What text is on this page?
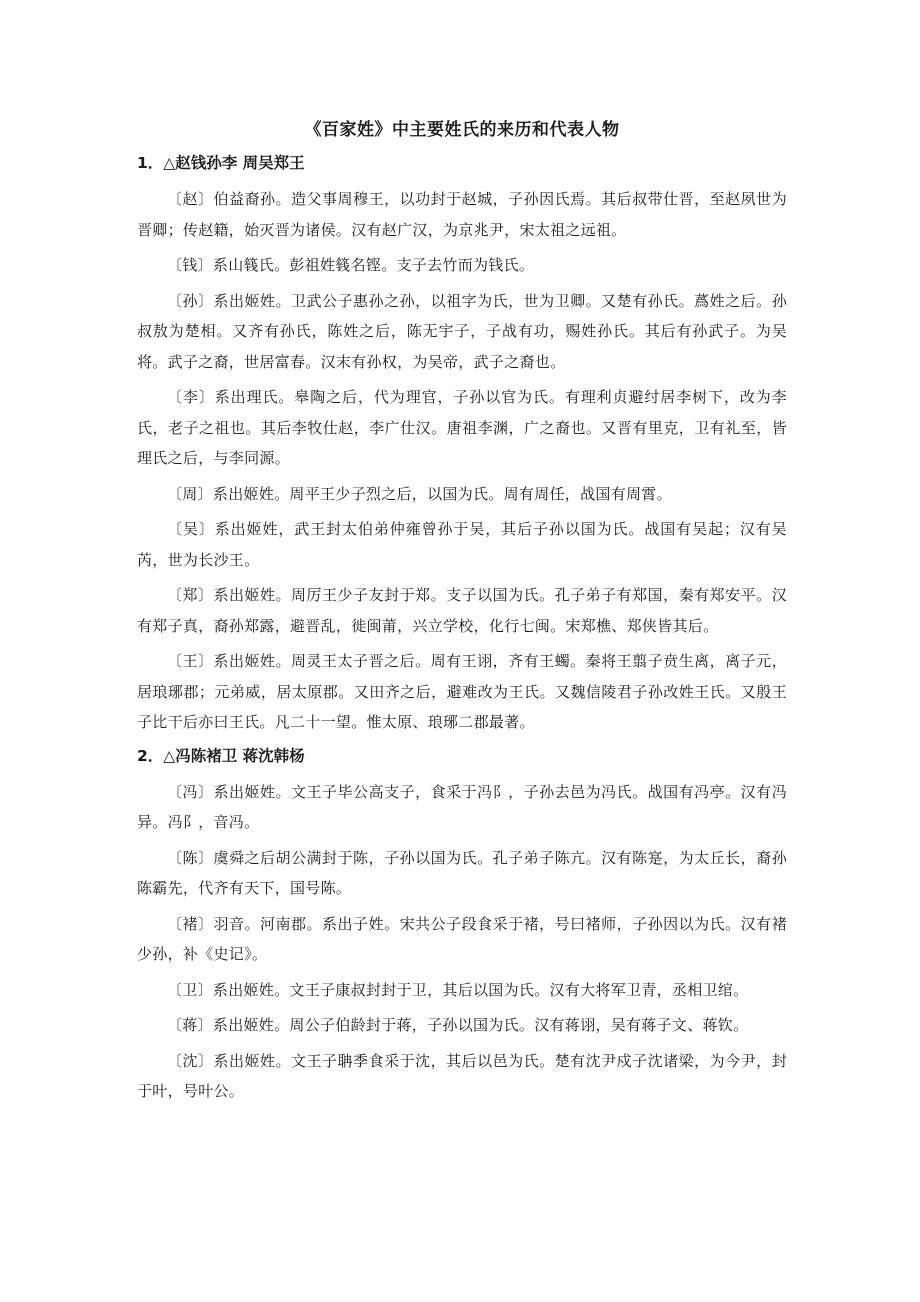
《百家姓》中主要姓氏的来历和代表人物
1．△赵钱孙李 周吴郑王

〔赵〕伯益裔孙。造父事周穆王，以功封于赵城，子孙因氏焉。其后叔带仕晋，至赵夙世为晋卿；传赵籍，始灭晋为诸侯。汉有赵广汉，为京兆尹，宋太祖之远祖。

〔钱〕系山篯氏。彭祖姓篯名铿。支子去竹而为钱氏。

〔孙〕系出姬姓。卫武公子惠孙之孙，以祖字为氏，世为卫卿。又楚有孙氏。蔿姓之后。孙叔敖为楚相。又齐有孙氏，陈姓之后，陈无宇子，子战有功，赐姓孙氏。其后有孙武子。为吴将。武子之裔，世居富春。汉末有孙权，为吴帝，武子之裔也。

〔李〕系出理氏。皋陶之后，代为理官，子孙以官为氏。有理利贞避纣居李树下，改为李氏，老子之祖也。其后李牧仕赵，李广仕汉。唐祖李渊，广之裔也。又晋有里克，卫有礼至，皆理氏之后，与李同源。

〔周〕系出姬姓。周平王少子烈之后，以国为氏。周有周任，战国有周霄。

〔吴〕系出姬姓，武王封太伯弟仲雍曾孙于吴，其后子孙以国为氏。战国有吴起；汉有吴芮，世为长沙王。

〔郑〕系出姬姓。周厉王少子友封于郑。支子以国为氏。孔子弟子有郑国，秦有郑安平。汉有郑子真，裔孙郑露，避晋乱，徙闽莆，兴立学校，化行七闽。宋郑樵、郑侠皆其后。

〔王〕系出姬姓。周灵王太子晋之后。周有王诩，齐有王蠋。秦将王翦子贲生离，离子元，居琅琊郡；元弟威，居太原郡。又田齐之后，避难改为王氏。又魏信陵君子孙改姓王氏。又殷王子比干后亦曰王氏。凡二十一望。惟太原、琅琊二郡最著。

2．△冯陈褚卫 蒋沈韩杨

〔冯〕系出姬姓。文王子毕公高支子，食采于冯阝，子孙去邑为冯氏。战国有冯亭。汉有冯异。冯阝，音冯。

〔陈〕虞舜之后胡公满封于陈，子孙以国为氏。孔子弟子陈亢。汉有陈寔，为太丘长，裔孙陈霸先，代齐有天下，国号陈。

〔褚〕羽音。河南郡。系出子姓。宋共公子段食采于褚，号曰褚师，子孙因以为氏。汉有褚少孙，补《史记》。

〔卫〕系出姬姓。文王子康叔封封于卫，其后以国为氏。汉有大将军卫青，丞相卫绾。

〔蒋〕系出姬姓。周公子伯龄封于蒋，子孙以国为氏。汉有蒋诩，吴有蒋子文、蒋钦。

〔沈〕系出姬姓。文王子聃季食采于沈，其后以邑为氏。楚有沈尹戍子沈诸梁，为今尹，封于叶，号叶公。
